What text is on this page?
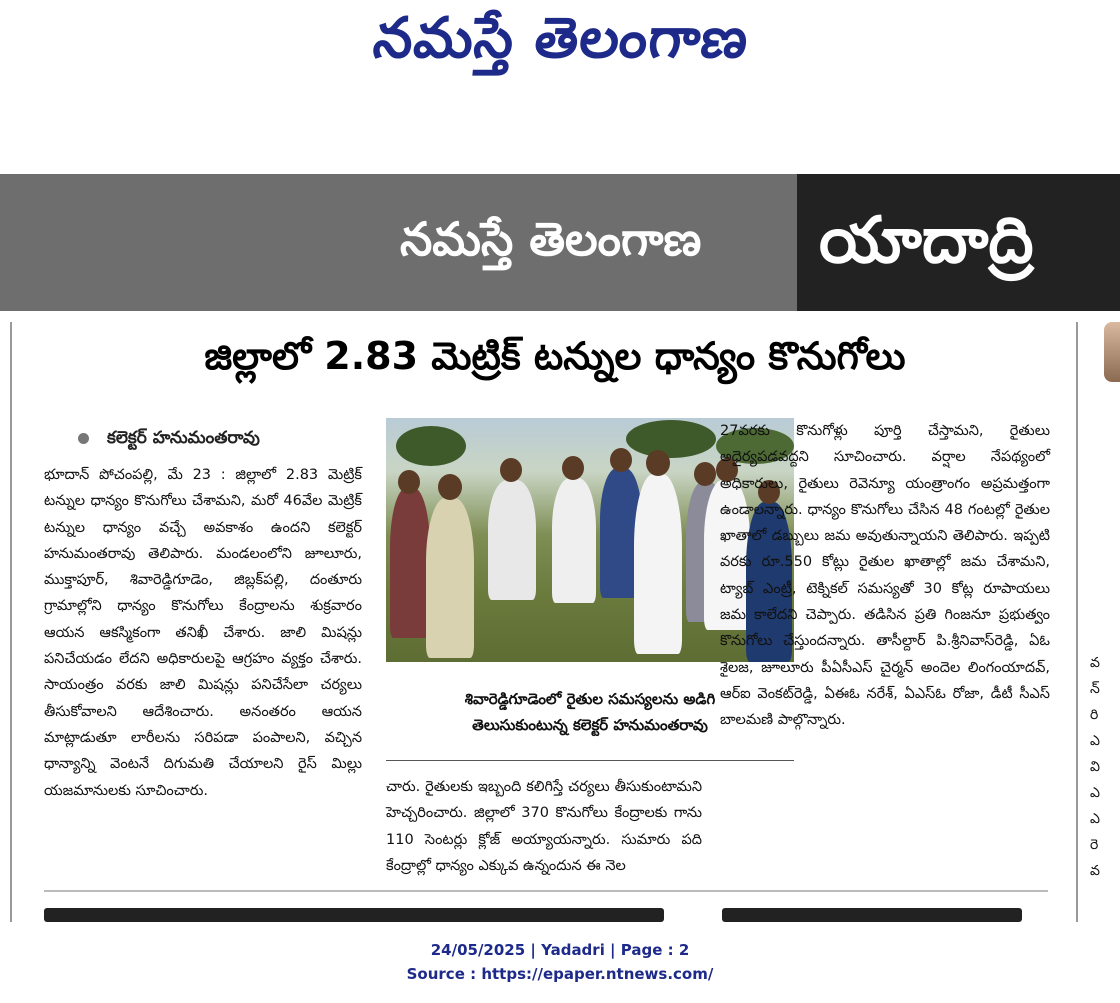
నమస్తే తెలంగాణ
నమస్తే తెలంగాణ యాదాద్రి
జిల్లాలో 2.83 మెట్రిక్ టన్నుల ధాన్యం కొనుగోలు
కలెక్టర్ హనుమంతరావు

భూదాన్ పోచంపల్లి, మే 23 : జిల్లాలో 2.83 మెట్రిక్ టన్నుల ధాన్యం కొనుగోలు చేశామని, మరో 46వేల మెట్రిక్ టన్నుల ధాన్యం వచ్చే అవకాశం ఉందని కలెక్టర్ హనుమంతరావు తెలిపారు. మండలంలోని జూలూరు, ముక్తాపూర్, శివారెడ్డిగూడెం, జిబ్లక్‌పల్లి, దంతూరు గ్రామాల్లోని ధాన్యం కొనుగోలు కేంద్రాలను శుక్రవారం ఆయన ఆకస్మికంగా తనిఖీ చేశారు. జాలి మిషన్లు పనిచేయడం లేదని అధికారులపై ఆగ్రహం వ్యక్తం చేశారు. సాయంత్రం వరకు జాలి మిషన్లు పనిచేసేలా చర్యలు తీసుకోవాలని ఆదేశించారు. అనంతరం ఆయన మాట్లాడుతూ లారీలను సరిపడా పంపాలని, వచ్చిన ధాన్యాన్ని వెంటనే దిగుమతి చేయాలని రైస్ మిల్లు యజమానులకు సూచించారు.

శివారెడ్డిగూడెంలో రైతుల సమస్యలను అడిగి
తెలుసుకుంటున్న కలెక్టర్ హనుమంతరావు

చారు. రైతులకు ఇబ్బంది కలిగిస్తే చర్యలు తీసుకుంటామని హెచ్చరించారు. జిల్లాలో 370 కొనుగోలు కేంద్రాలకు గాను 110 సెంటర్లు క్లోజ్ అయ్యాయన్నారు. సుమారు పది కేంద్రాల్లో ధాన్యం ఎక్కువ ఉన్నందున ఈ నెల

27వరకు కొనుగోళ్లు పూర్తి చేస్తామని, రైతులు అధైర్యపడవద్దని సూచించారు. వర్షాల నేపథ్యంలో అధికారులు, రైతులు రెవెన్యూ యంత్రాంగం అప్రమత్తంగా ఉండాలన్నారు. ధాన్యం కొనుగోలు చేసిన 48 గంటల్లో రైతుల ఖాతాలో డబ్బులు జమ అవుతున్నాయని తెలిపారు. ఇప్పటి వరకు రూ.550 కోట్లు రైతుల ఖాతాల్లో జమ చేశామని, ట్యాబ్ ఎంట్రీ, టెక్నికల్ సమస్యతో 30 కోట్ల రూపాయలు జమ కాలేదని చెప్పారు. తడిసిన ప్రతి గింజనూ ప్రభుత్వం కొనుగోలు చేస్తుందన్నారు. తాసీల్దార్ పి.శ్రీనివాస్‌రెడ్డి, ఏఓ శైలజ, జూలూరు పీఏసీఎస్ చైర్మన్ అందెల లింగంయాదవ్, ఆర్ఐ వెంకట్‌రెడ్డి, ఏఈఓ నరేశ్, ఏఎస్ఓ రోజా, డీటీ సీఎస్ బాలమణి పాల్గొన్నారు.

వ
న్
రి
ఎ
వి
ఎ
ఎ
రె
వ
24/05/2025 | Yadadri | Page : 2
Source : https://epaper.ntnews.com/
